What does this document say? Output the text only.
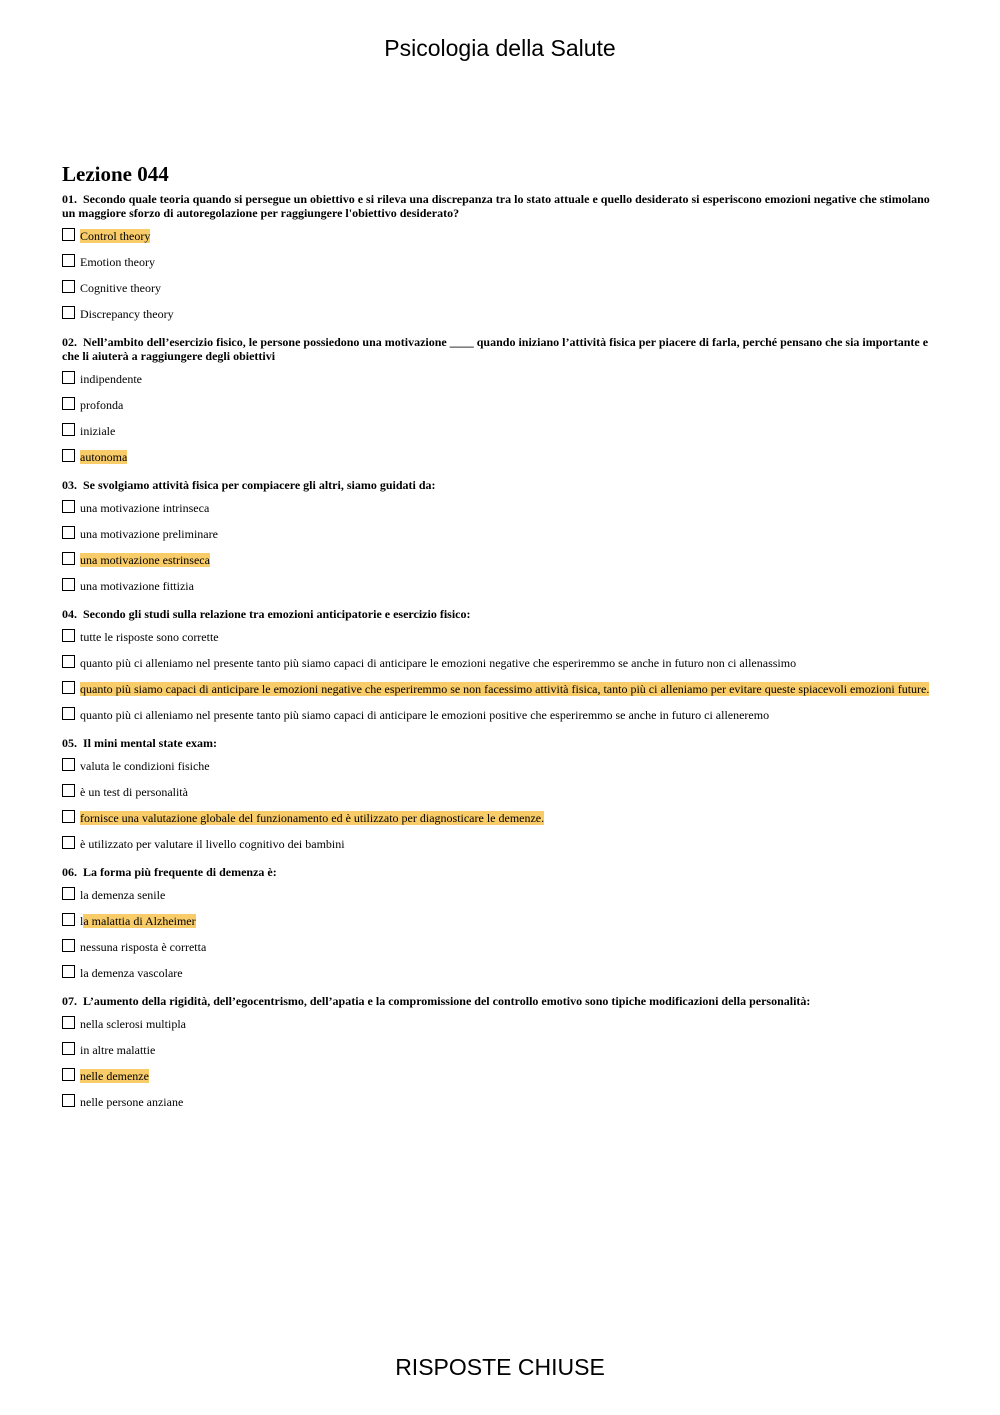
Psicologia della Salute
Lezione 044
01. Secondo quale teoria quando si persegue un obiettivo e si rileva una discrepanza tra lo stato attuale e quello desiderato si esperiscono emozioni negative che stimolano un maggiore sforzo di autoregolazione per raggiungere l'obiettivo desiderato?
Control theory
Emotion theory
Cognitive theory
Discrepancy theory
02. Nell’ambito dell’esercizio fisico, le persone possiedono una motivazione ____ quando iniziano l’attività fisica per piacere di farla, perché pensano che sia importante e che li aiuterà a raggiungere degli obiettivi
indipendente
profonda
iniziale
autonoma
03. Se svolgiamo attività fisica per compiacere gli altri, siamo guidati da:
una motivazione intrinseca
una motivazione preliminare
una motivazione estrinseca
una motivazione fittizia
04. Secondo gli studi sulla relazione tra emozioni anticipatorie e esercizio fisico:
tutte le risposte sono corrette
quanto più ci alleniamo nel presente tanto più siamo capaci di anticipare le emozioni negative che esperiremmo se anche in futuro non ci allenassimo
quanto più siamo capaci di anticipare le emozioni negative che esperiremmo se non facessimo attività fisica, tanto più ci alleniamo per evitare queste spiacevoli emozioni future.
quanto più ci alleniamo nel presente tanto più siamo capaci di anticipare le emozioni positive che esperiremmo se anche in futuro ci alleneremo
05. Il mini mental state exam:
valuta le condizioni fisiche
è un test di personalità
fornisce una valutazione globale del funzionamento ed è utilizzato per diagnosticare le demenze.
è utilizzato per valutare il livello cognitivo dei bambini
06. La forma più frequente di demenza è:
la demenza senile
la malattia di Alzheimer
nessuna risposta è corretta
la demenza vascolare
07. L’aumento della rigidità, dell’egocentrismo, dell’apatia e la compromissione del controllo emotivo sono tipiche modificazioni della personalità:
nella sclerosi multipla
in altre malattie
nelle demenze
nelle persone anziane
RISPOSTE CHIUSE
